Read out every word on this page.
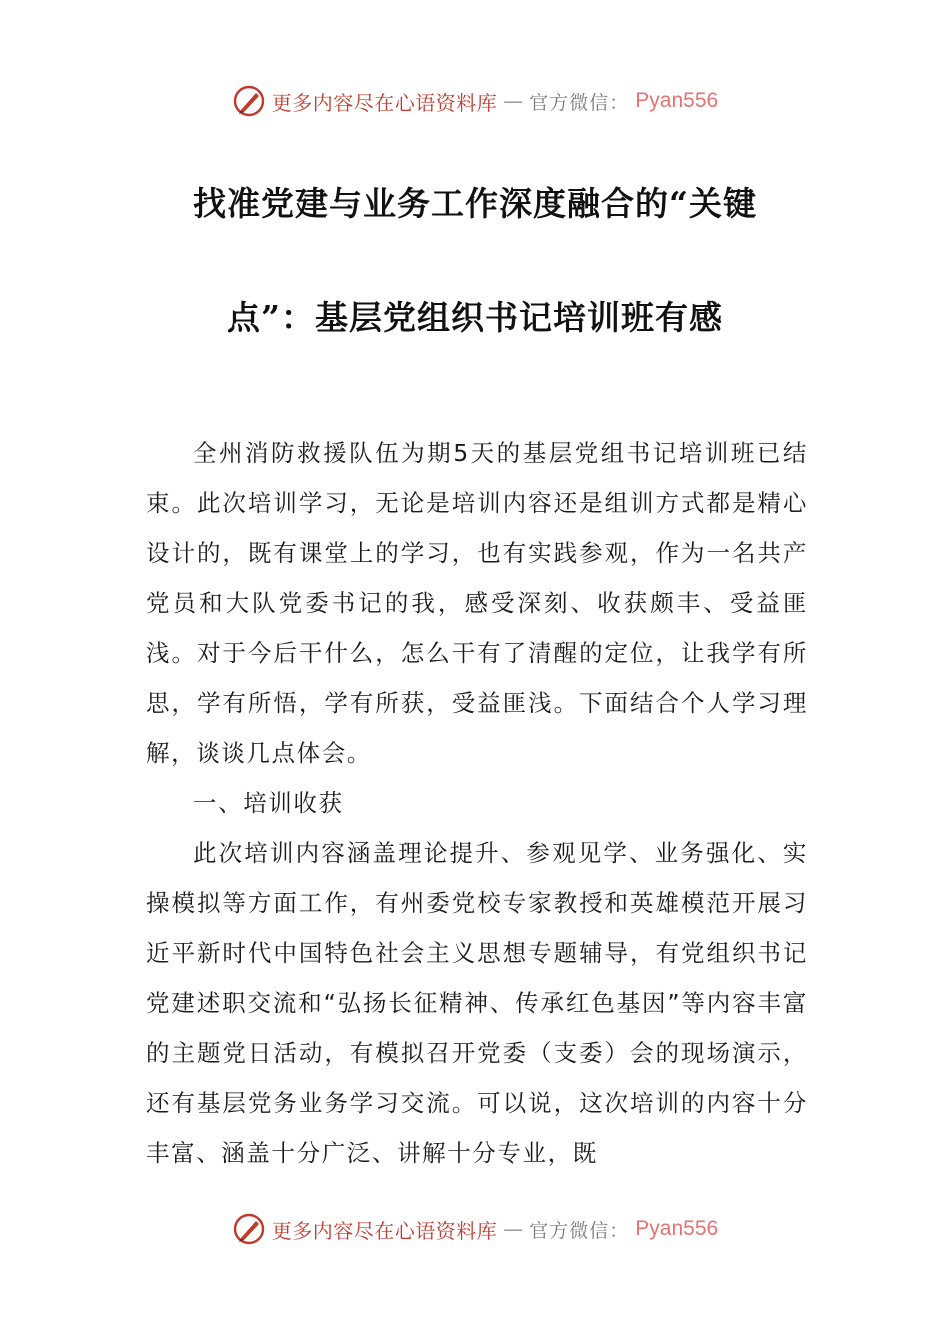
更多内容尽在心语资料库 — 官方微信： Pyan556
找准党建与业务工作深度融合的“关键
点”：基层党组织书记培训班有感

全州消防救援队伍为期5天的基层党组书记培训班已结束。此次培训学习，无论是培训内容还是组训方式都是精心设计的，既有课堂上的学习，也有实践参观，作为一名共产党员和大队党委书记的我，感受深刻、收获颇丰、受益匪浅。对于今后干什么，怎么干有了清醒的定位，让我学有所思，学有所悟，学有所获，受益匪浅。下面结合个人学习理解，谈谈几点体会。

一、培训收获

此次培训内容涵盖理论提升、参观见学、业务强化、实操模拟等方面工作，有州委党校专家教授和英雄模范开展习近平新时代中国特色社会主义思想专题辅导，有党组织书记党建述职交流和“弘扬长征精神、传承红色基因”等内容丰富的主题党日活动，有模拟召开党委（支委）会的现场演示，还有基层党务业务学习交流。可以说，这次培训的内容十分丰富、涵盖十分广泛、讲解十分专业，既

更多内容尽在心语资料库 — 官方微信： Pyan556
